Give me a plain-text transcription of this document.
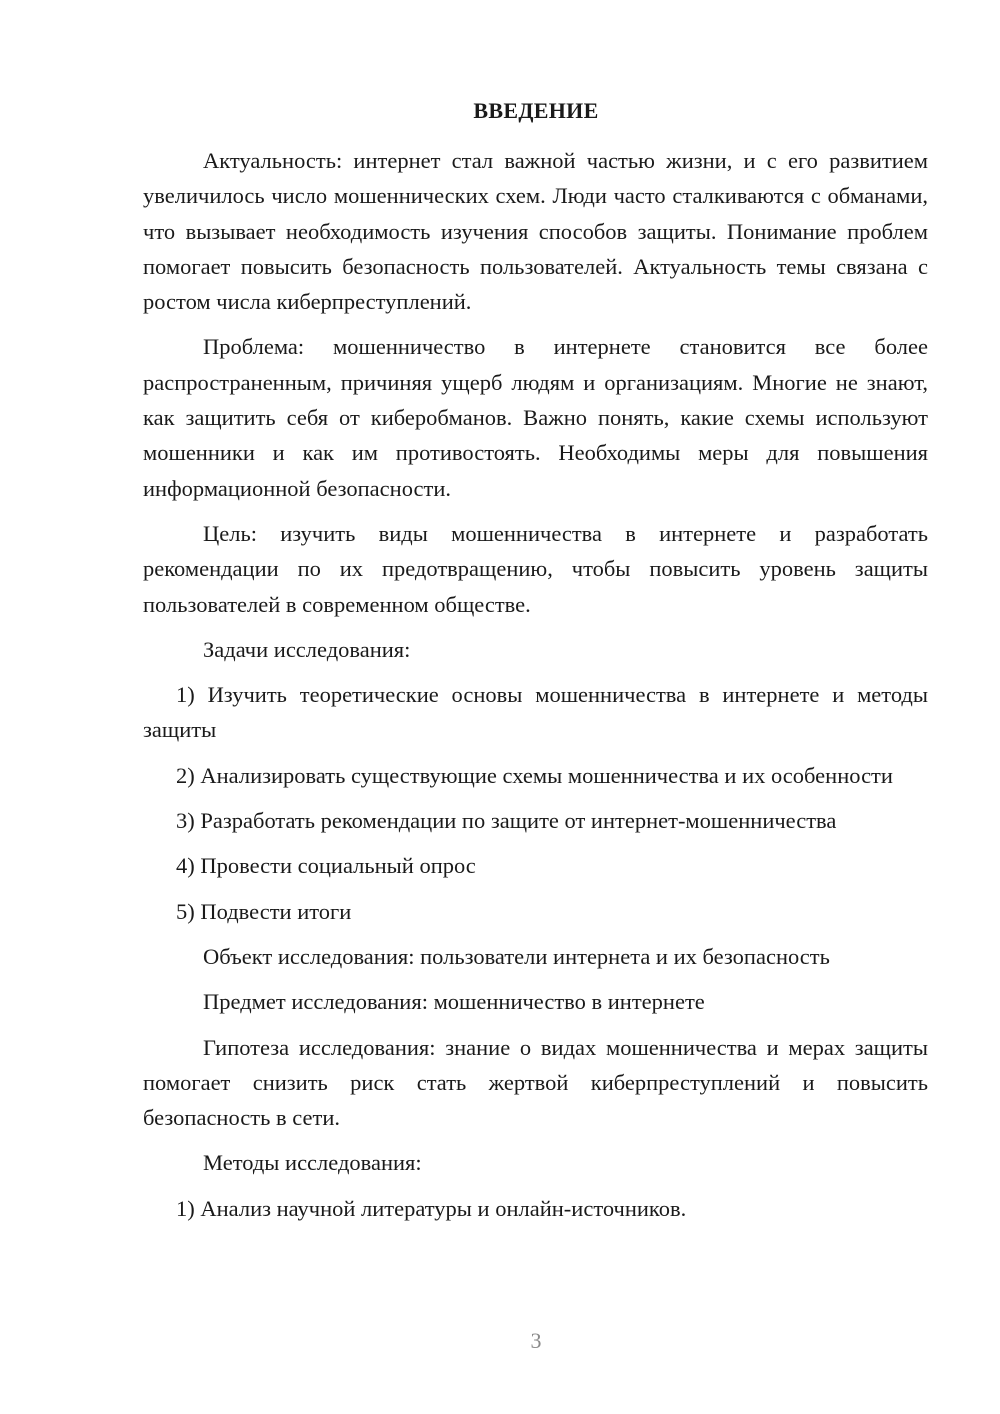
ВВЕДЕНИЕ

Актуальность: интернет стал важной частью жизни, и с его развитием увеличилось число мошеннических схем. Люди часто сталкиваются с обманами, что вызывает необходимость изучения способов защиты. Понимание проблем помогает повысить безопасность пользователей. Актуальность темы связана с ростом числа киберпреступлений.

Проблема: мошенничество в интернете становится все более распространенным, причиняя ущерб людям и организациям. Многие не знают, как защитить себя от киберобманов. Важно понять, какие схемы используют мошенники и как им противостоять. Необходимы меры для повышения информационной безопасности.

Цель: изучить виды мошенничества в интернете и разработать рекомендации по их предотвращению, чтобы повысить уровень защиты пользователей в современном обществе.

Задачи исследования:

1) Изучить теоретические основы мошенничества в интернете и методы защиты

2) Анализировать существующие схемы мошенничества и их особенности

3) Разработать рекомендации по защите от интернет-мошенничества

4) Провести социальный опрос

5) Подвести итоги

Объект исследования: пользователи интернета и их безопасность

Предмет исследования: мошенничество в интернете

Гипотеза исследования: знание о видах мошенничества и мерах защиты помогает снизить риск стать жертвой киберпреступлений и повысить безопасность в сети.

Методы исследования:

1) Анализ научной литературы и онлайн-источников.

3
